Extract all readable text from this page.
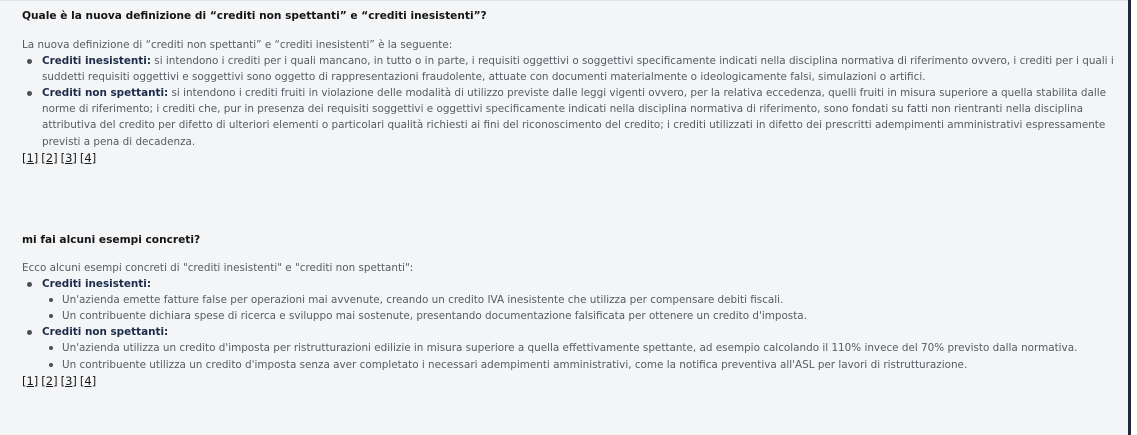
Quale è la nuova definizione di “crediti non spettanti” e “crediti inesistenti”?

La nuova definizione di “crediti non spettanti” e “crediti inesistenti” è la seguente:

Crediti inesistenti: si intendono i crediti per i quali mancano, in tutto o in parte, i requisiti oggettivi o soggettivi specificamente indicati nella disciplina normativa di riferimento ovvero, i crediti per i quali i suddetti requisiti oggettivi e soggettivi sono oggetto di rappresentazioni fraudolente, attuate con documenti materialmente o ideologicamente falsi, simulazioni o artifici.
Crediti non spettanti: si intendono i crediti fruiti in violazione delle modalità di utilizzo previste dalle leggi vigenti ovvero, per la relativa eccedenza, quelli fruiti in misura superiore a quella stabilita dalle norme di riferimento; i crediti che, pur in presenza dei requisiti soggettivi e oggettivi specificamente indicati nella disciplina normativa di riferimento, sono fondati su fatti non rientranti nella disciplina attributiva del credito per difetto di ulteriori elementi o particolari qualità richiesti ai fini del riconoscimento del credito; i crediti utilizzati in difetto dei prescritti adempimenti amministrativi espressamente previsti a pena di decadenza.
[1] [2] [3] [4]

mi fai alcuni esempi concreti?

Ecco alcuni esempi concreti di "crediti inesistenti" e "crediti non spettanti":

Crediti inesistenti:
Un'azienda emette fatture false per operazioni mai avvenute, creando un credito IVA inesistente che utilizza per compensare debiti fiscali.
Un contribuente dichiara spese di ricerca e sviluppo mai sostenute, presentando documentazione falsificata per ottenere un credito d'imposta.
Crediti non spettanti:
Un'azienda utilizza un credito d'imposta per ristrutturazioni edilizie in misura superiore a quella effettivamente spettante, ad esempio calcolando il 110% invece del 70% previsto dalla normativa.
Un contribuente utilizza un credito d'imposta senza aver completato i necessari adempimenti amministrativi, come la notifica preventiva all'ASL per lavori di ristrutturazione.
[1] [2] [3] [4]
